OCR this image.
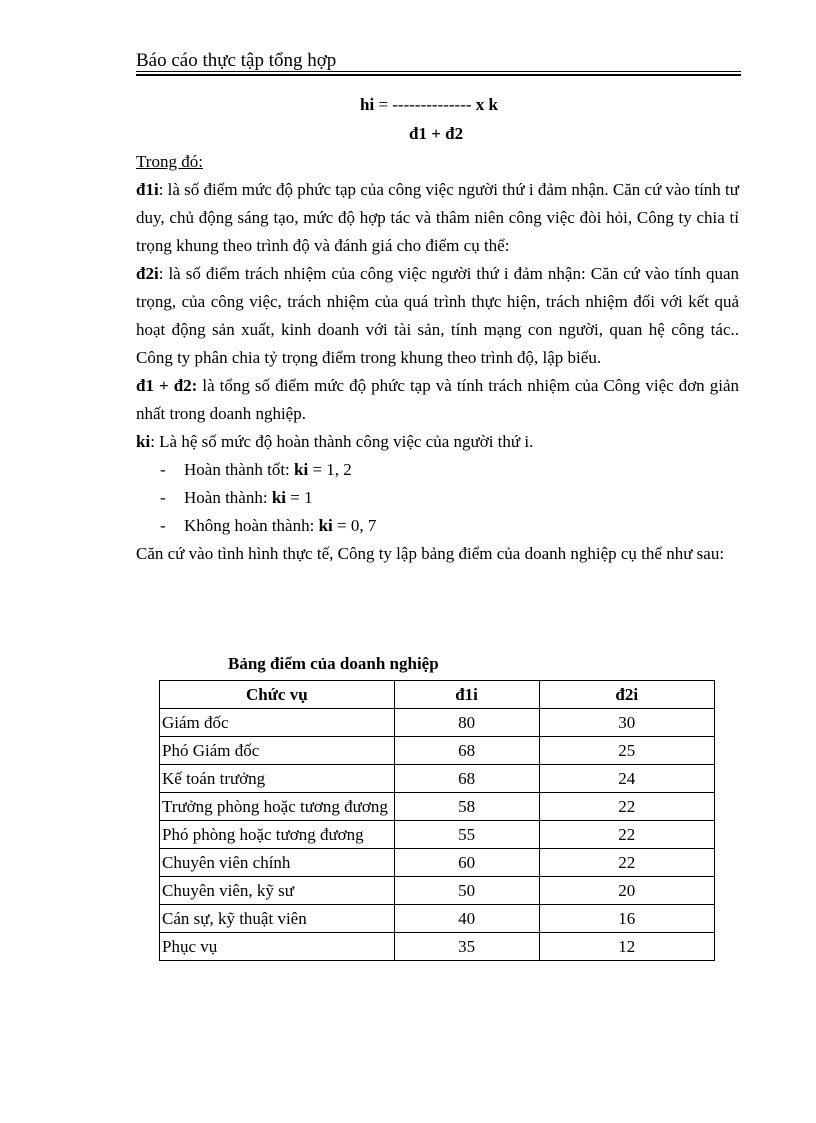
Báo cáo thực tập tổng hợp
hi = -------------- x k
đ1 + đ2

Trong đó:

đ1i: là số điểm mức độ phức tạp của công việc người thứ i đảm nhận. Căn cứ vào tính tư duy, chủ động sáng tạo, mức độ hợp tác và thâm niên công việc đòi hỏi, Công ty chia tỉ trọng khung theo trình độ và đánh giá cho điểm cụ thể:

đ2i: là số điểm trách nhiệm của công việc người thứ i đảm nhận: Căn cứ vào tính quan trọng, của công việc, trách nhiệm của quá trình thực hiện, trách nhiệm đối với kết quả hoạt động sản xuất, kinh doanh với tài sản, tính mạng con người, quan hệ công tác.. Công ty phân chia tỷ trọng điểm trong khung theo trình độ, lập biểu.

đ1 + đ2: là tổng số điểm mức độ phức tạp và tính trách nhiệm của Công việc đơn giản nhất trong doanh nghiệp.

ki: Là hệ số mức độ hoàn thành công việc của người thứ i.

- Hoàn thành tốt: ki = 1, 2

- Hoàn thành: ki = 1

- Không hoàn thành: ki = 0, 7

Căn cứ vào tình hình thực tế, Công ty lập bảng điểm của doanh nghiệp cụ thể như sau:

Bảng điểm của doanh nghiệp
Chức vụ	đ1i	đ2i
Giám đốc	80	30
Phó Giám đốc	68	25
Kế toán trưởng	68	24
Trưởng phòng hoặc tương đương	58	22
Phó phòng hoặc tương đương	55	22
Chuyên viên chính	60	22
Chuyên viên, kỹ sư	50	20
Cán sự, kỹ thuật viên	40	16
Phục vụ	35	12
